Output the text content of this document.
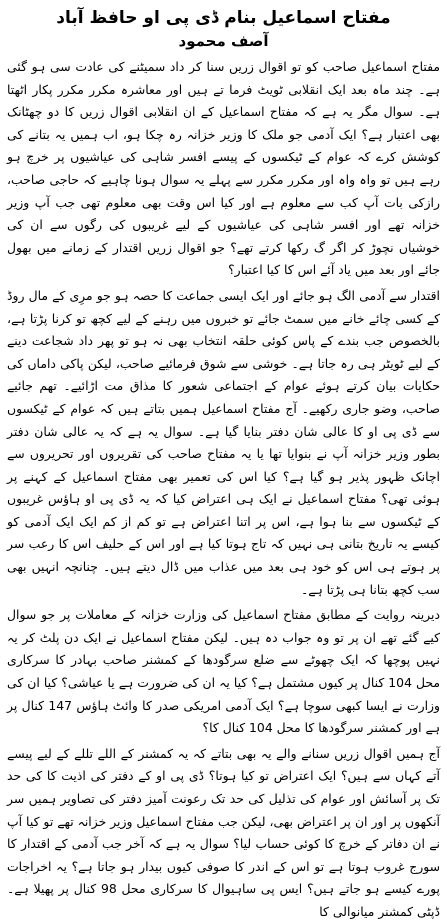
مفتاح اسماعیل بنام ڈی پی او حافظ آباد
آصف محمود

مفتاح اسماعیل صاحب کو تو اقوال زریں سنا کر داد سمیٹنے کی عادت سی ہو گئی ہے۔ چند ماہ بعد ایک انقلابی ٹویٹ فرما تے ہیں اور معاشرہ مکرر مکرر پکار اٹھتا ہے۔ سوال مگر یہ ہے کہ مفتاح اسماعیل کے ان انقلابی اقوال زریں کا دو چھٹانک بھی اعتبار ہے؟ ایک آدمی جو ملک کا وزیر خزانہ رہ چکا ہو، اب ہمیں یہ بتانے کی کوشش کرے کہ عوام کے ٹیکسوں کے پیسے افسر شاہی کی عیاشیوں پر خرچ ہو رہے ہیں تو واہ واہ اور مکرر مکرر سے پہلے یہ سوال ہونا چاہیے کہ حاجی صاحب، رازکی بات آپ کب سے معلوم ہے اور کیا اس وقت بھی معلوم تھی جب آپ وزیر خزانہ تھے اور افسر شاہی کی عیاشیوں کے لیے غریبوں کی رگوں سے ان کی خوشیاں نچوڑ کر اگر گ رکھا کرتے تھے؟ جو اقوال زریں اقتدار کے زمانے میں بھول جائے اور بعد میں یاد آئے اس کا کیا اعتبار؟

اقتدار سے آدمی الگ ہو جائے اور ایک ایسی جماعت کا حصہ ہو جو مرِی کے مال روڈ کے کسی چائے خانے میں سمٹ جائے تو خبروں میں رہنے کے لیے کچھ تو کرنا پڑتا ہے، بالخصوص جب بندے کے پاس کوئی حلقہ انتخاب بھی نہ ہو تو پھر داد شجاعت دینے کے لیے ٹویٹر ہی رہ جاتا ہے۔ خوشی سے شوق فرمائیے صاحب، لیکن پاکی داماں کی حکایات بیان کرتے ہوئے عوام کے اجتماعی شعور کا مذاق مت اڑائیے۔ تھم جائیے صاحب، وضو جاری رکھیے۔ آج مفتاح اسماعیل ہمیں بتاتے ہیں کہ عوام کے ٹیکسوں سے ڈی پی او کا عالی شان دفتر بنایا گیا ہے۔ سوال یہ ہے کہ یہ عالی شان دفتر بطور وزیر خزانہ آپ نے بنوایا تھا یا یہ مفتاح صاحب کی تقریروں اور تحریروں سے اچانک ظہور پذیر ہو گیا ہے؟ کیا اس کی تعمیر بھی مفتاح اسماعیل کے کہنے پر ہوئی تھی؟ مفتاح اسماعیل نے ایک ہی اعتراض کیا کہ یہ ڈی پی او ہاؤس غریبوں کے ٹیکسوں سے بنا ہوا ہے، اس پر اتنا اعتراض ہے تو کم از کم ایک ایک آدمی کو کیسے یہ تاریخ بتانی ہی نہیں کہ تاج ہوتا کیا ہے اور اس کے حلیف اس کا رعب سر پر ہوتے ہی اس کو خود ہی بعد میں عذاب میں ڈال دیتے ہیں۔ چنانچہ انہیں بھی سب کچھ بتانا ہی پڑتا ہے۔

دیرینہ روایت کے مطابق مفتاح اسماعیل کی وزارت خزانہ کے معاملات پر جو سوال کیے گئے تھے ان پر تو وہ جواب دہ ہیں۔ لیکن مفتاح اسماعیل نے ایک دن پلٹ کر یہ نہیں پوچھا کہ ایک چھوٹے سے ضلع سرگودھا کے کمشنر صاحب بہادر کا سرکاری محل 104 کنال پر کیوں مشتمل ہے؟ کیا یہ ان کی ضرورت ہے یا عیاشی؟ کیا ان کی وزارت نے ایسا کبھی سوچا ہے؟ ایک آدمی امریکی صدر کا وائٹ ہاؤس 147 کنال پر ہے اور کمشنر سرگودھا کا محل 104 کنال کا؟

آج ہمیں اقوال زریں سنانے والے یہ بھی بتاتے کہ یہ کمشنر کے اللے تللے کے لیے پیسے آتے کہاں سے ہیں؟ ایک اعتراض تو کیا ہوتا؟ ڈی پی او کے دفتر کی اذیت کا کی حد تک پر آسائش اور عوام کی تذلیل کی حد تک رعونت آمیز دفتر کی تصاویر ہمیں سر آنکھوں پر اور ان پر اعتراض بھی، لیکن جب مفتاح اسماعیل وزیر خزانہ تھے تو کیا آپ نے ان دفاتر کے خرچ کا کوئی حساب لیا؟ سوال یہ ہے کہ آخر جب آدمی کے اقتدار کا سورج غروب ہوتا ہے تو اس کے اندر کا صوفی کیوں بیدار ہو جاتا ہے؟ یہ اخراجات پورے کیسے ہو جاتے ہیں؟ ایس پی ساہیوال کا سرکاری محل 98 کنال پر پھیلا ہے۔ ڈپٹی کمشنر میانوالی کا
